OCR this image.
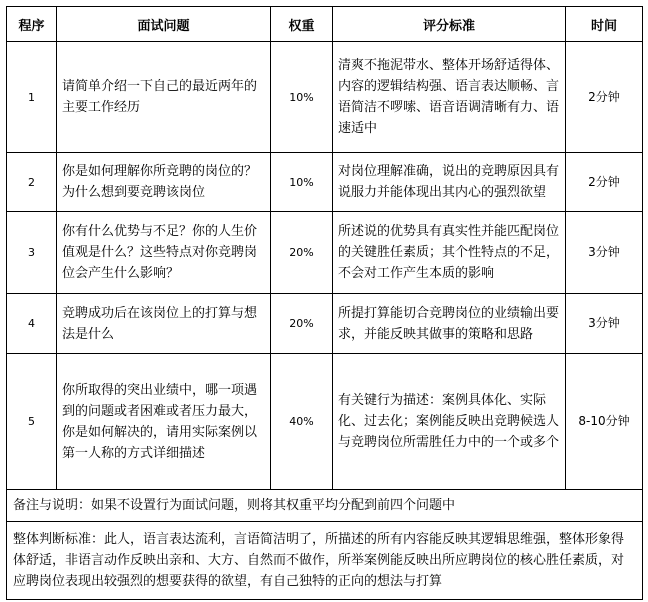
程序	面试问题	权重	评分标准	时间
1	请简单介绍一下自己的最近两年的主要工作经历	10%	清爽不拖泥带水、整体开场舒适得体、内容的逻辑结构强、语言表达顺畅、言语简洁不啰嗦、语音语调清晰有力、语速适中	2分钟
2	你是如何理解你所竞聘的岗位的？为什么想到要竞聘该岗位	10%	对岗位理解准确，说出的竞聘原因具有说服力并能体现出其内心的强烈欲望	2分钟
3	你有什么优势与不足？你的人生价值观是什么？这些特点对你竞聘岗位会产生什么影响？	20%	所述说的优势具有真实性并能匹配岗位的关键胜任素质；其个性特点的不足，不会对工作产生本质的影响	3分钟
4	竞聘成功后在该岗位上的打算与想法是什么	20%	所提打算能切合竞聘岗位的业绩输出要求，并能反映其做事的策略和思路	3分钟
5	你所取得的突出业绩中，哪一项遇到的问题或者困难或者压力最大，你是如何解决的，请用实际案例以第一人称的方式详细描述	40%	有关键行为描述：案例具体化、实际化、过去化；案例能反映出竞聘候选人与竞聘岗位所需胜任力中的一个或多个	8-10分钟
备注与说明：如果不设置行为面试问题，则将其权重平均分配到前四个问题中				
整体判断标准：此人，语言表达流利，言语简洁明了，所描述的所有内容能反映其逻辑思维强，整体形象得体舒适，非语言动作反映出亲和、大方、自然而不做作，所举案例能反映出所应聘岗位的核心胜任素质，对应聘岗位表现出较强烈的想要获得的欲望，有自己独特的正向的想法与打算				
